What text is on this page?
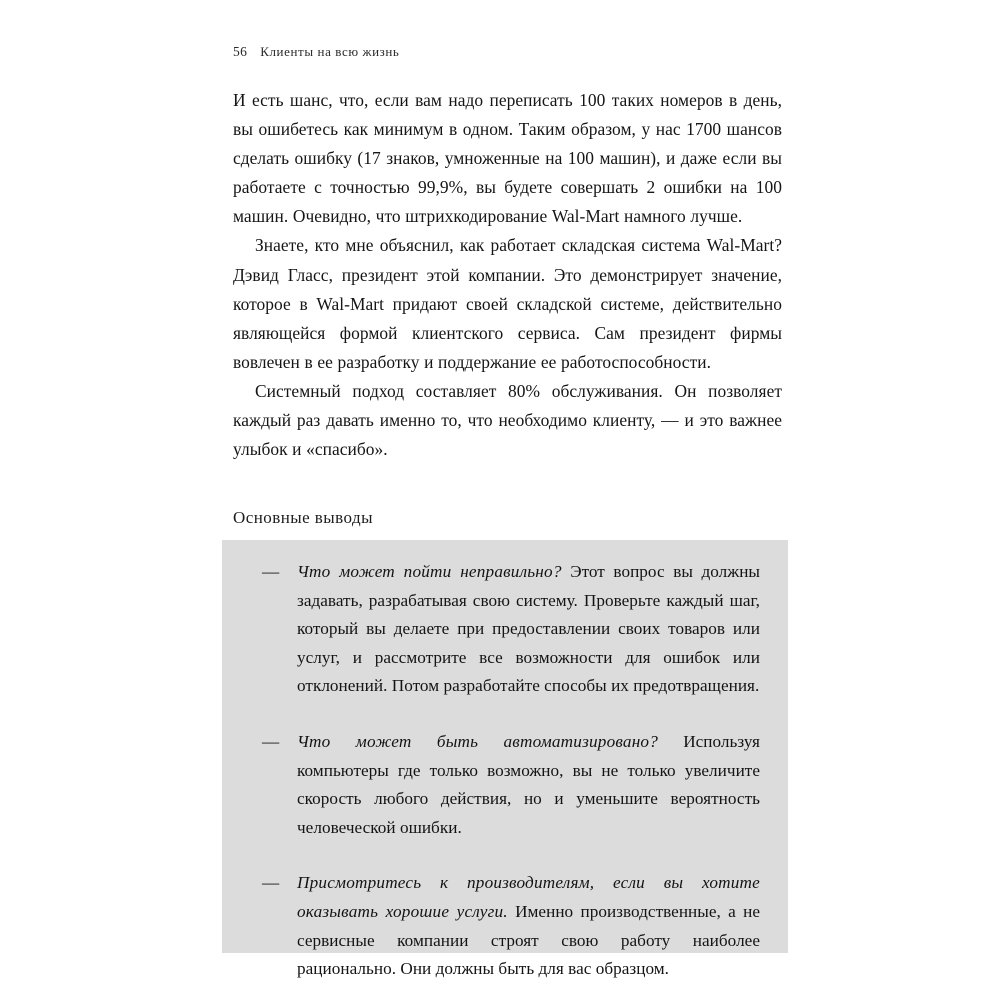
56 Клиенты на всю жизнь

И есть шанс, что, если вам надо переписать 100 таких номеров в день, вы ошибетесь как минимум в одном. Таким образом, у нас 1700 шансов сделать ошибку (17 знаков, умноженные на 100 машин), и даже если вы работаете с точностью 99,9%, вы будете совершать 2 ошибки на 100 машин. Очевидно, что штрихкодирование Wal-Mart намного лучше.

Знаете, кто мне объяснил, как работает складская система Wal-Mart? Дэвид Гласс, президент этой компании. Это демонстрирует значение, которое в Wal-Mart придают своей складской системе, действительно являющейся формой клиентского сервиса. Сам президент фирмы вовлечен в ее разработку и поддержание ее работоспособности.

Системный подход составляет 80% обслуживания. Он позволяет каждый раз давать именно то, что необходимо клиенту, — и это важнее улыбок и «спасибо».

Основные выводы
—	Что может пойти неправильно? Этот вопрос вы должны задавать, разрабатывая свою систему. Проверьте каждый шаг, который вы делаете при предоставлении своих товаров или услуг, и рассмотрите все возможности для ошибок или отклонений. Потом разработайте способы их предотвращения.
—	Что может быть автоматизировано? Используя компьютеры где только возможно, вы не только увеличите скорость любого действия, но и уменьшите вероятность человеческой ошибки.
—	Присмотритесь к производителям, если вы хотите оказывать хорошие услуги. Именно производственные, а не сервисные компании строят свою работу наиболее рационально. Они должны быть для вас образцом.
